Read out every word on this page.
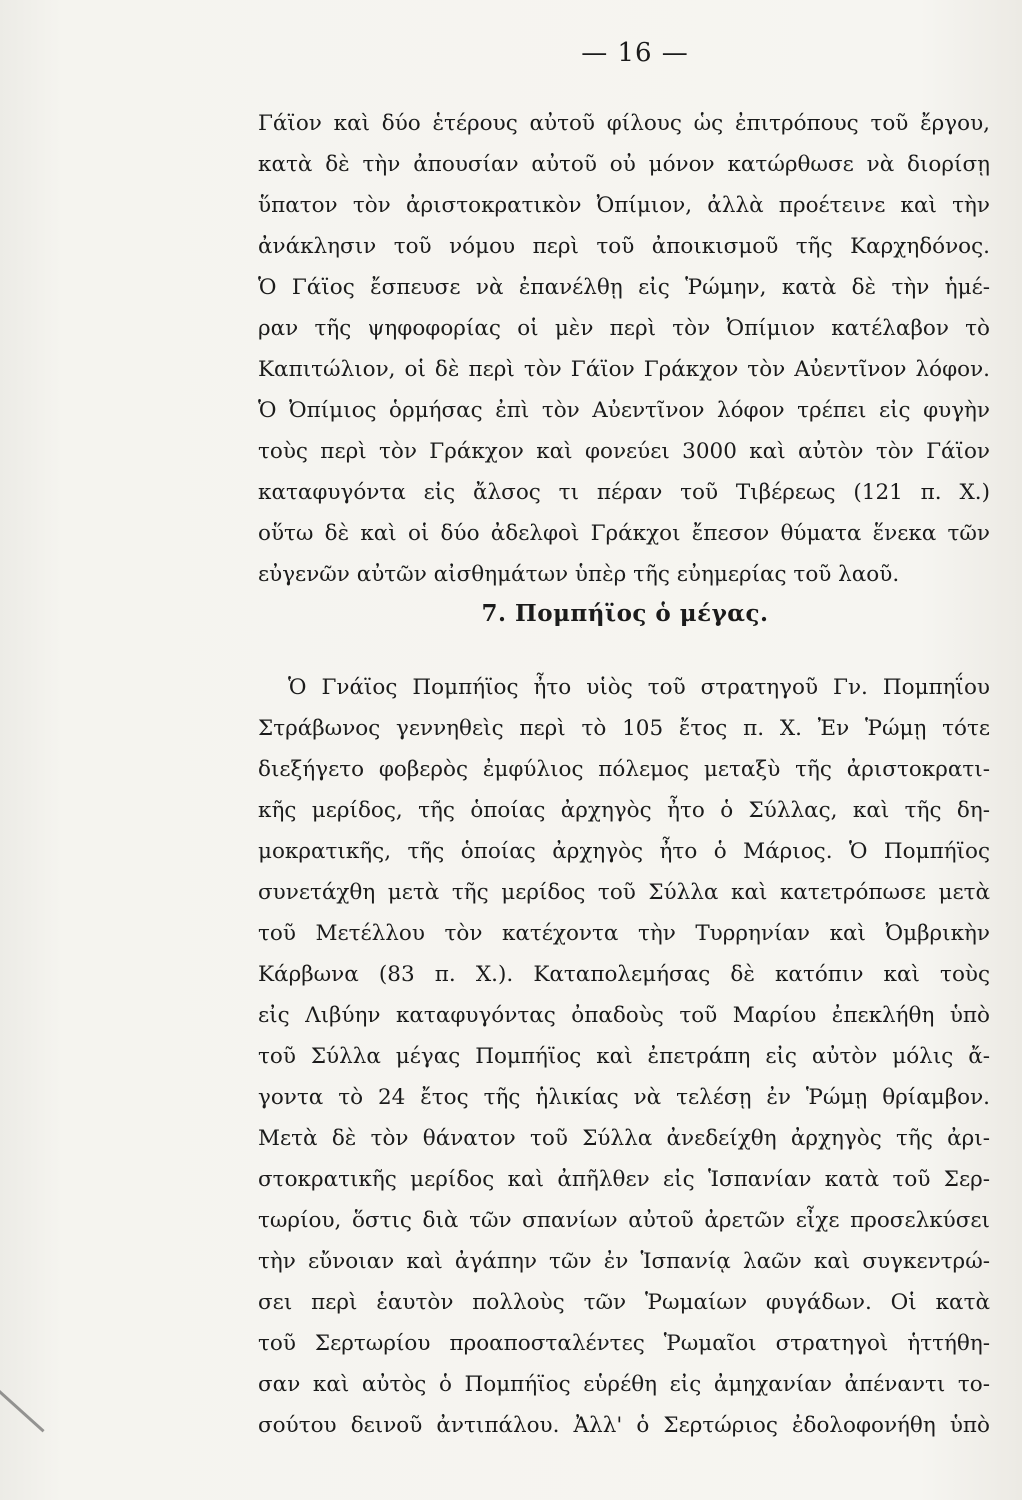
— 16 —
Γάϊον καὶ δύο ἑτέρους αὐτοῦ φίλους ὡς ἐπιτρόπους τοῦ ἔργου,
κατὰ δὲ τὴν ἀπουσίαν αὐτοῦ οὐ μόνον κατώρθωσε νὰ διορίσῃ
ὕπατον τὸν ἀριστοκρατικὸν Ὀπίμιον, ἀλλὰ προέτεινε καὶ τὴν
ἀνάκλησιν τοῦ νόμου περὶ τοῦ ἀποικισμοῦ τῆς Καρχηδόνος.
Ὁ Γάϊος ἔσπευσε νὰ ἐπανέλθῃ εἰς Ῥώμην, κατὰ δὲ τὴν ἡμέ-
ραν τῆς ψηφοφορίας οἱ μὲν περὶ τὸν Ὀπίμιον κατέλαβον τὸ
Καπιτώλιον, οἱ δὲ περὶ τὸν Γάϊον Γράκχον τὸν Αὐεντῖνον λόφον.
Ὁ Ὀπίμιος ὁρμήσας ἐπὶ τὸν Αὐεντῖνον λόφον τρέπει εἰς φυγὴν
τοὺς περὶ τὸν Γράκχον καὶ φονεύει 3000 καὶ αὐτὸν τὸν Γάϊον
καταφυγόντα εἰς ἄλσος τι πέραν τοῦ Τιβέρεως (121 π. Χ.)
οὕτω δὲ καὶ οἱ δύο ἀδελφοὶ Γράκχοι ἔπεσον θύματα ἕνεκα τῶν
εὐγενῶν αὐτῶν αἰσθημάτων ὑπὲρ τῆς εὐημερίας τοῦ λαοῦ.
7. Πομπήϊος ὁ μέγας.
Ὁ Γνάϊος Πομπήϊος ἦτο υἱὸς τοῦ στρατηγοῦ Γν. Πομπηΐου
Στράβωνος γεννηθεὶς περὶ τὸ 105 ἔτος π. Χ. Ἐν Ῥώμῃ τότε
διεξήγετο φοβερὸς ἐμφύλιος πόλεμος μεταξὺ τῆς ἀριστοκρατι-
κῆς μερίδος, τῆς ὁποίας ἀρχηγὸς ἦτο ὁ Σύλλας, καὶ τῆς δη-
μοκρατικῆς, τῆς ὁποίας ἀρχηγὸς ἦτο ὁ Μάριος. Ὁ Πομπήϊος
συνετάχθη μετὰ τῆς μερίδος τοῦ Σύλλα καὶ κατετρόπωσε μετὰ
τοῦ Μετέλλου τὸν κατέχοντα τὴν Τυρρηνίαν καὶ Ὀμβρικὴν
Κάρβωνα (83 π. Χ.). Καταπολεμήσας δὲ κατόπιν καὶ τοὺς
εἰς Λιβύην καταφυγόντας ὀπαδοὺς τοῦ Μαρίου ἐπεκλήθη ὑπὸ
τοῦ Σύλλα μέγας Πομπήϊος καὶ ἐπετράπη εἰς αὐτὸν μόλις ἄ-
γοντα τὸ 24 ἔτος τῆς ἡλικίας νὰ τελέσῃ ἐν Ῥώμῃ θρίαμβον.
Μετὰ δὲ τὸν θάνατον τοῦ Σύλλα ἀνεδείχθη ἀρχηγὸς τῆς ἀρι-
στοκρατικῆς μερίδος καὶ ἀπῆλθεν εἰς Ἱσπανίαν κατὰ τοῦ Σερ-
τωρίου, ὅστις διὰ τῶν σπανίων αὐτοῦ ἀρετῶν εἶχε προσελκύσει
τὴν εὔνοιαν καὶ ἀγάπην τῶν ἐν Ἱσπανίᾳ λαῶν καὶ συγκεντρώ-
σει περὶ ἑαυτὸν πολλοὺς τῶν Ῥωμαίων φυγάδων. Οἱ κατὰ
τοῦ Σερτωρίου προαποσταλέντες Ῥωμαῖοι στρατηγοὶ ἡττήθη-
σαν καὶ αὐτὸς ὁ Πομπήϊος εὑρέθη εἰς ἀμηχανίαν ἀπέναντι το-
σούτου δεινοῦ ἀντιπάλου. Ἀλλ' ὁ Σερτώριος ἐδολοφονήθη ὑπὸ
